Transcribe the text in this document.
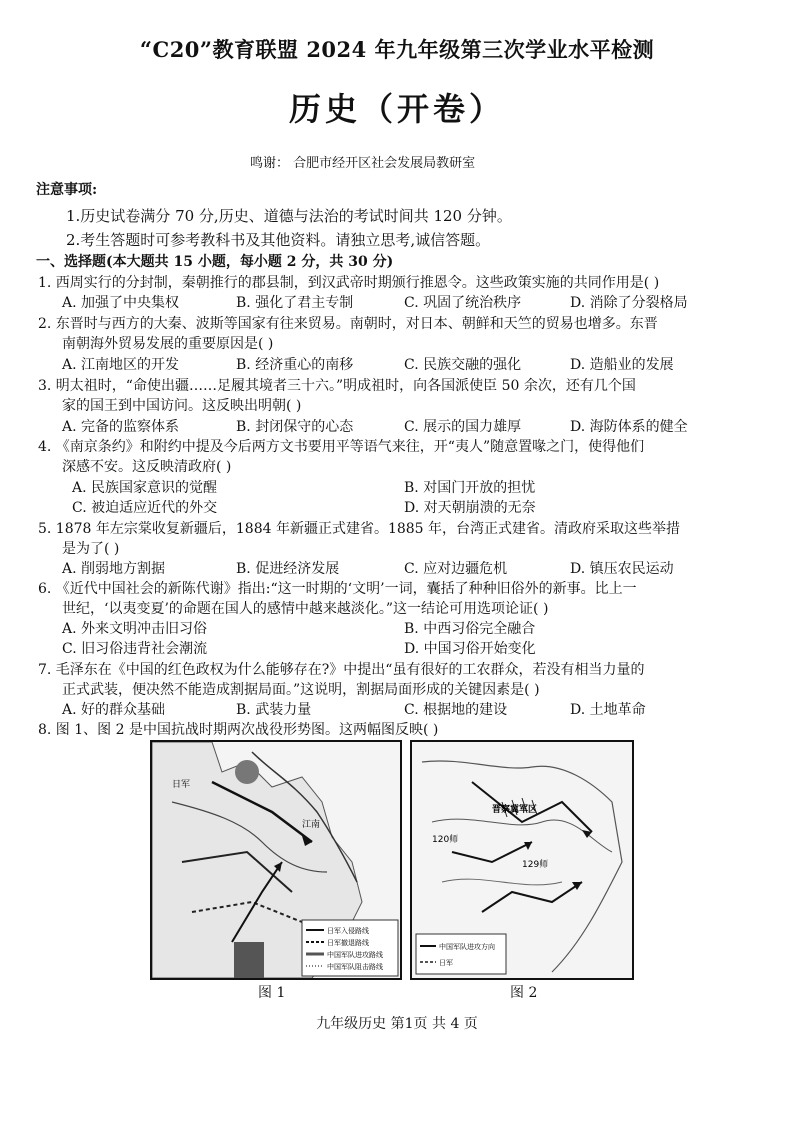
“C20”教育联盟 2024 年九年级第三次学业水平检测
历史（开卷）
鸣谢： 合肥市经开区社会发展局教研室
注意事项:
1.历史试卷满分 70 分,历史、道德与法治的考试时间共 120 分钟。
2.考生答题时可参考教科书及其他资料。请独立思考,诚信答题。
一、选择题(本大题共 15 小题，每小题 2 分，共 30 分)
1. 西周实行的分封制，秦朝推行的郡县制，到汉武帝时期颁行推恩令。这些政策实施的共同作用是( )
A. 加强了中央集权	B. 强化了君主专制	C. 巩固了统治秩序	D. 消除了分裂格局
2. 东晋时与西方的大秦、波斯等国家有往来贸易。南朝时，对日本、朝鲜和天竺的贸易也增多。东晋
南朝海外贸易发展的重要原因是( )
A. 江南地区的开发	B. 经济重心的南移	C. 民族交融的强化	D. 造船业的发展
3. 明太祖时，“命使出疆……足履其境者三十六。”明成祖时，向各国派使臣 50 余次，还有几个国
家的国王到中国访问。这反映出明朝( )
A. 完备的监察体系	B. 封闭保守的心态	C. 展示的国力雄厚	D. 海防体系的健全
4. 《南京条约》和附约中提及今后两方文书要用平等语气来往，开“夷人”随意置喙之门，使得他们
深感不安。这反映清政府( )
A. 民族国家意识的觉醒	B. 对国门开放的担忧
C. 被迫适应近代的外交	D. 对天朝崩溃的无奈
5. 1878 年左宗棠收复新疆后，1884 年新疆正式建省。1885 年，台湾正式建省。清政府采取这些举措
是为了( )
A. 削弱地方割据	B. 促进经济发展	C. 应对边疆危机	D. 镇压农民运动
6. 《近代中国社会的新陈代谢》指出:“这一时期的‘文明’一词，囊括了种种旧俗外的新事。比上一
世纪，‘以夷变夏’的命题在国人的感情中越来越淡化。”这一结论可用选项论证( )
A. 外来文明冲击旧习俗	B. 中西习俗完全融合
C. 旧习俗违背社会潮流	D. 中国习俗开始变化
7. 毛泽东在《中国的红色政权为什么能够存在?》中提出“虽有很好的工农群众，若没有相当力量的
正式武装，便决然不能造成割据局面。”这说明，割据局面形成的关键因素是( )
A. 好的群众基础	B. 武装力量	C. 根据地的建设	D. 土地革命
8. 图 1、图 2 是中国抗战时期两次战役形势图。这两幅图反映( )
江南
日军
日军入侵路线
日军撤退路线
中国军队进攻路线
中国军队阻击路线
晋察冀军区
120师
129师
中国军队进攻方向
日军
图 1	图 2
九年级历史 第1页 共 4 页
